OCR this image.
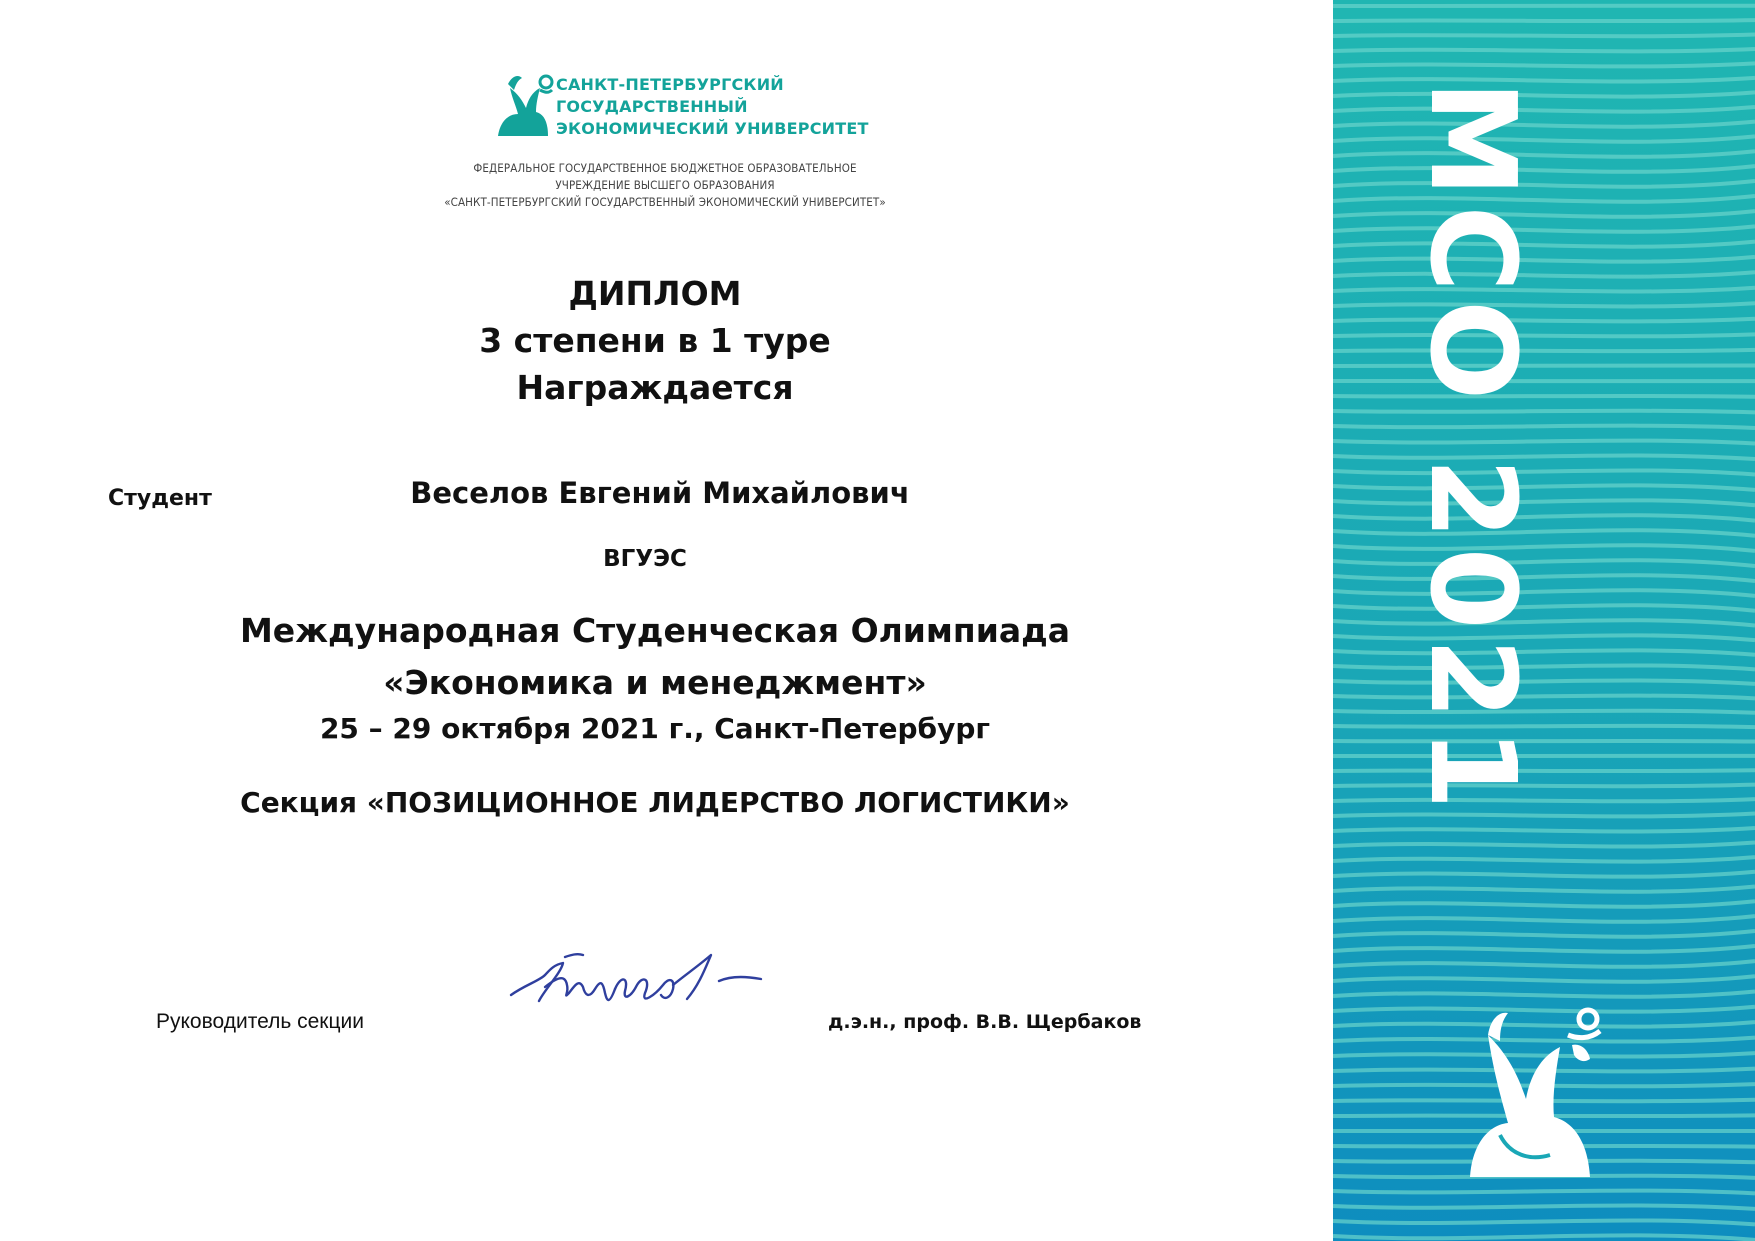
САНКТ-ПЕТЕРБУРГСКИЙ
ГОСУДАРСТВЕННЫЙ
ЭКОНОМИЧЕСКИЙ УНИВЕРСИТЕТ
ФЕДЕРАЛЬНОЕ ГОСУДАРСТВЕННОЕ БЮДЖЕТНОЕ ОБРАЗОВАТЕЛЬНОЕ
УЧРЕЖДЕНИЕ ВЫСШЕГО ОБРАЗОВАНИЯ
«САНКТ-ПЕТЕРБУРГСКИЙ ГОСУДАРСТВЕННЫЙ ЭКОНОМИЧЕСКИЙ УНИВЕРСИТЕТ»
ДИПЛОМ
3 степени в 1 туре
Награждается
Студент	Веселов Евгений Михайлович
ВГУЭС
Международная Студенческая Олимпиада
«Экономика и менеджмент»
25 – 29 октября 2021 г., Санкт-Петербург
Секция «ПОЗИЦИОННОЕ ЛИДЕРСТВО ЛОГИСТИКИ»
Руководитель секции	д.э.н., проф. В.В. Щербаков
МСО 2021
